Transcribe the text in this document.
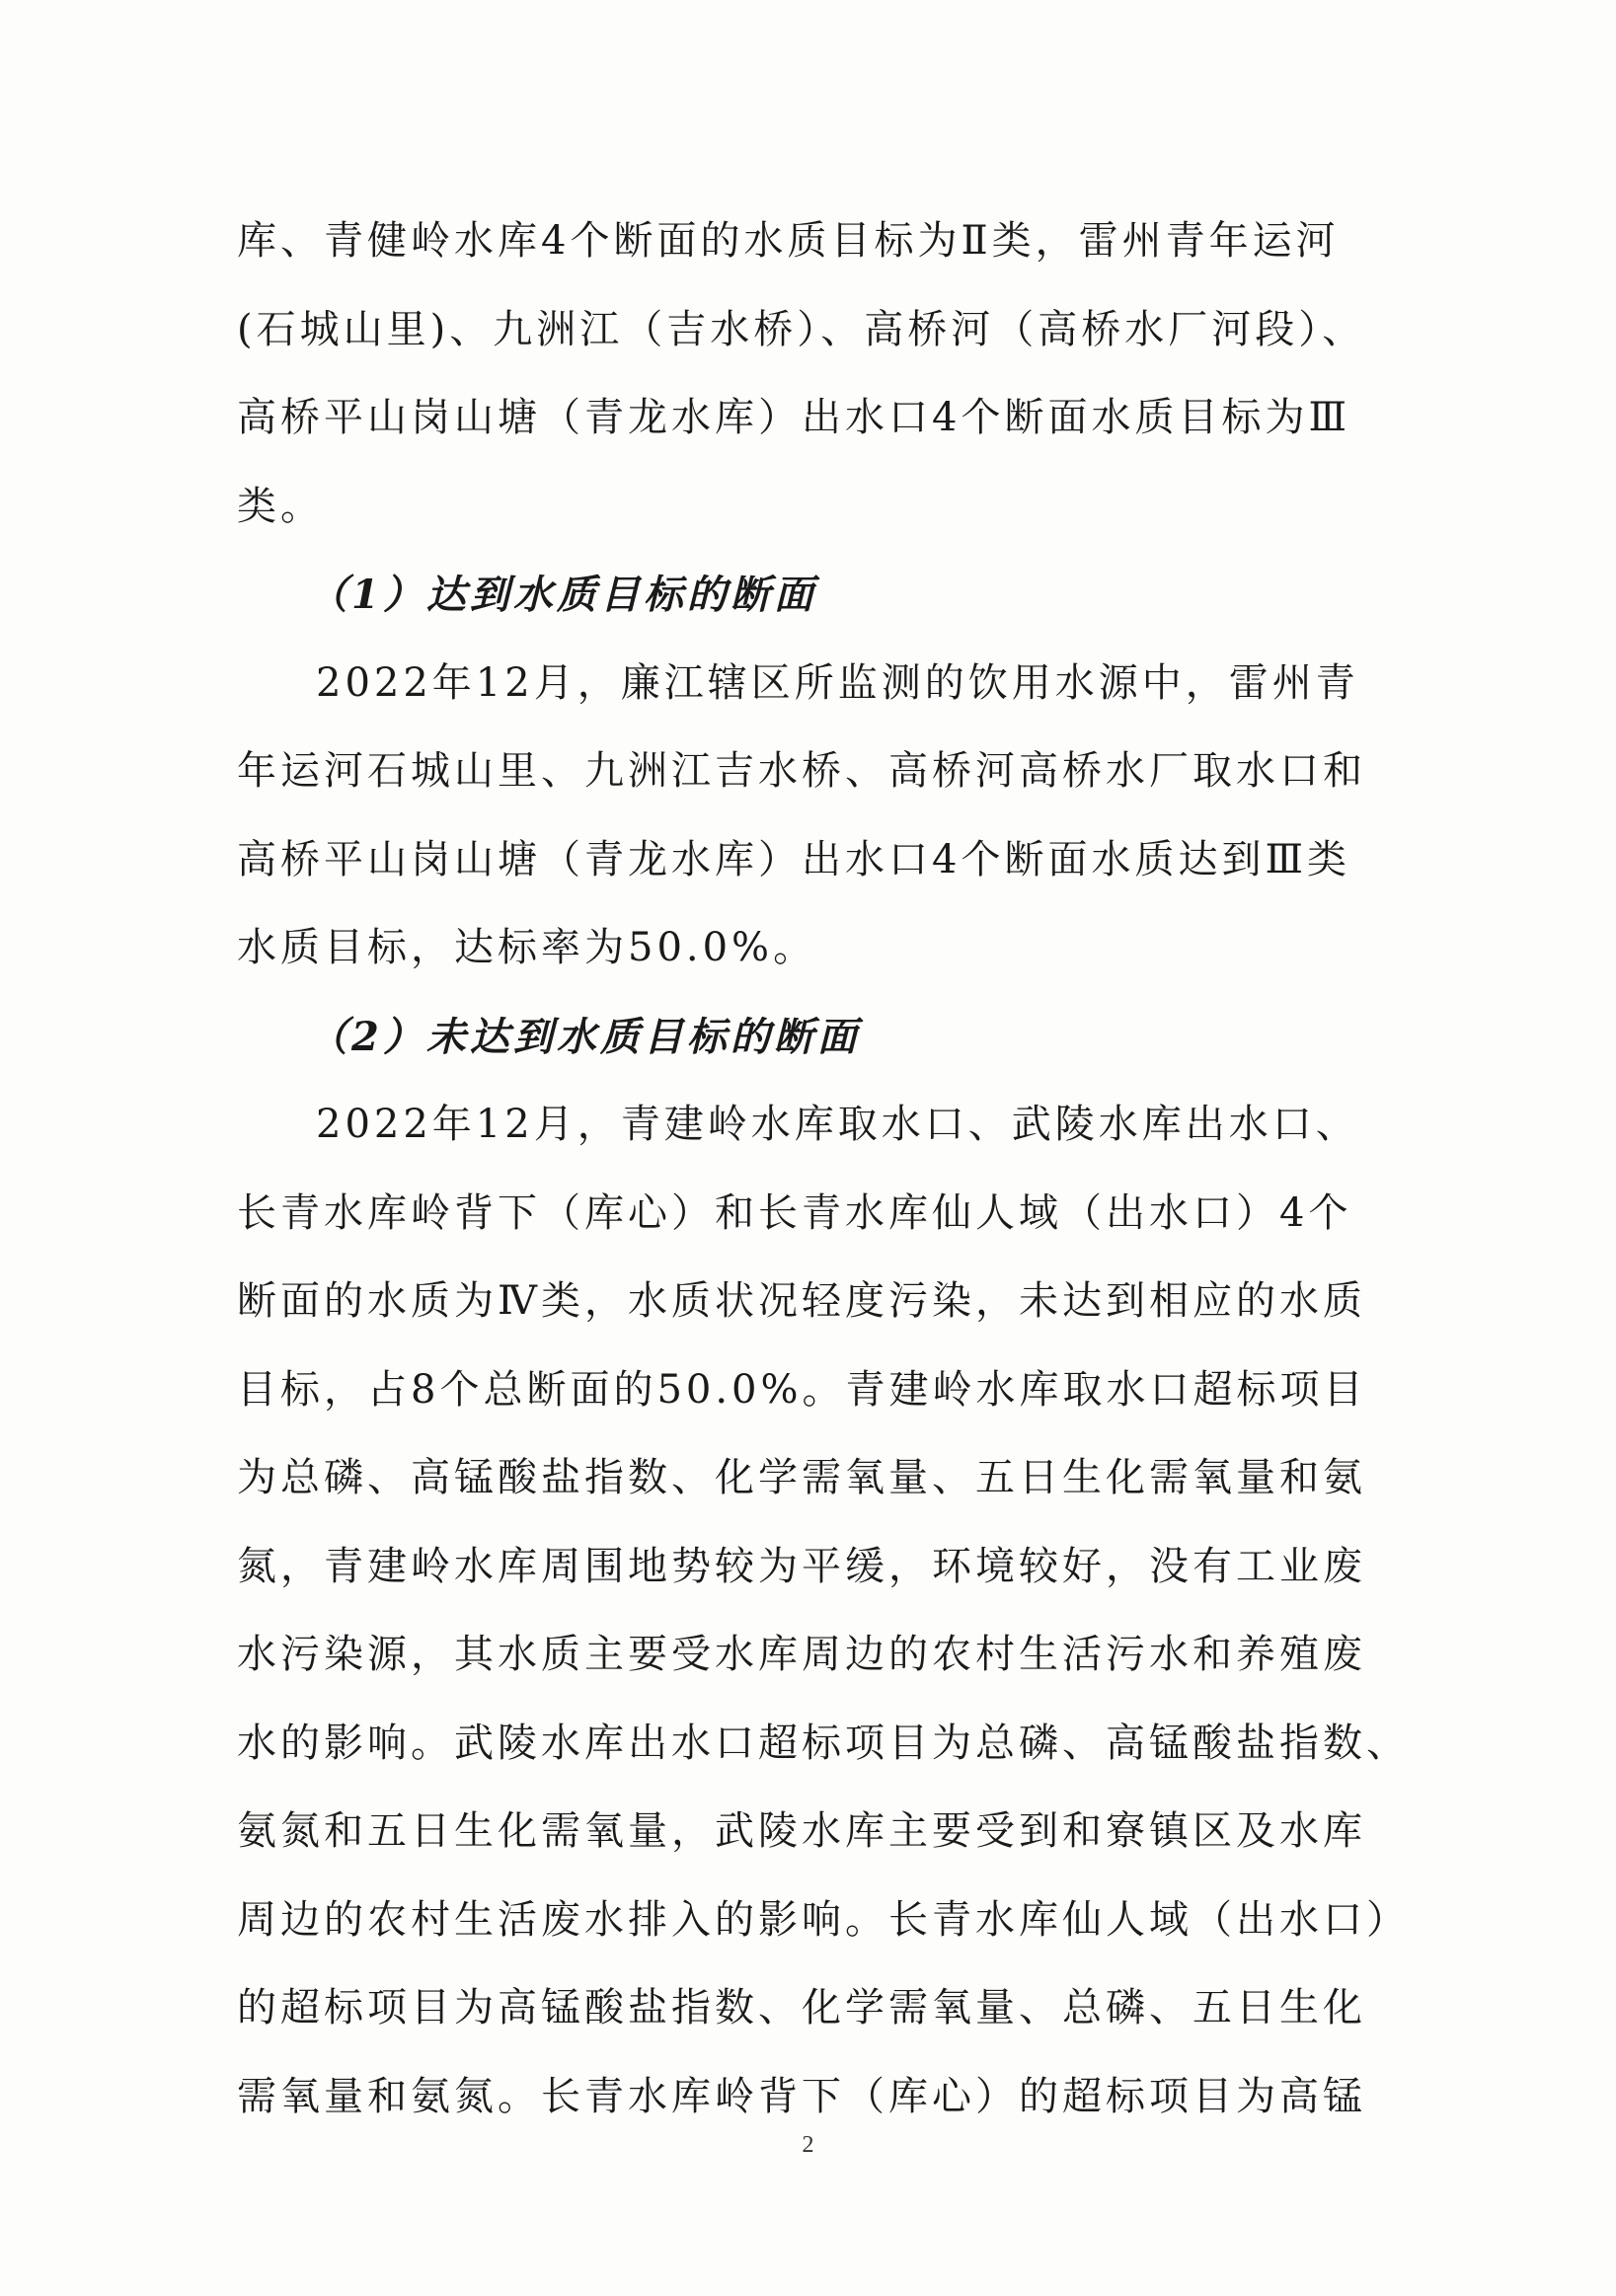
库、青健岭水库4个断面的水质目标为Ⅱ类，雷州青年运河
(石城山里)、九洲江（吉水桥）、高桥河（高桥水厂河段）、
高桥平山岗山塘（青龙水库）出水口4个断面水质目标为Ⅲ
类。
（1）达到水质目标的断面
2022年12月，廉江辖区所监测的饮用水源中，雷州青
年运河石城山里、九洲江吉水桥、高桥河高桥水厂取水口和
高桥平山岗山塘（青龙水库）出水口4个断面水质达到Ⅲ类
水质目标，达标率为50.0%。
（2）未达到水质目标的断面
2022年12月，青建岭水库取水口、武陵水库出水口、
长青水库岭背下（库心）和长青水库仙人域（出水口）4个
断面的水质为Ⅳ类，水质状况轻度污染，未达到相应的水质
目标，占8个总断面的50.0%。青建岭水库取水口超标项目
为总磷、高锰酸盐指数、化学需氧量、五日生化需氧量和氨
氮，青建岭水库周围地势较为平缓，环境较好，没有工业废
水污染源，其水质主要受水库周边的农村生活污水和养殖废
水的影响。武陵水库出水口超标项目为总磷、高锰酸盐指数、
氨氮和五日生化需氧量，武陵水库主要受到和寮镇区及水库
周边的农村生活废水排入的影响。长青水库仙人域（出水口）
的超标项目为高锰酸盐指数、化学需氧量、总磷、五日生化
需氧量和氨氮。长青水库岭背下（库心）的超标项目为高锰
2
